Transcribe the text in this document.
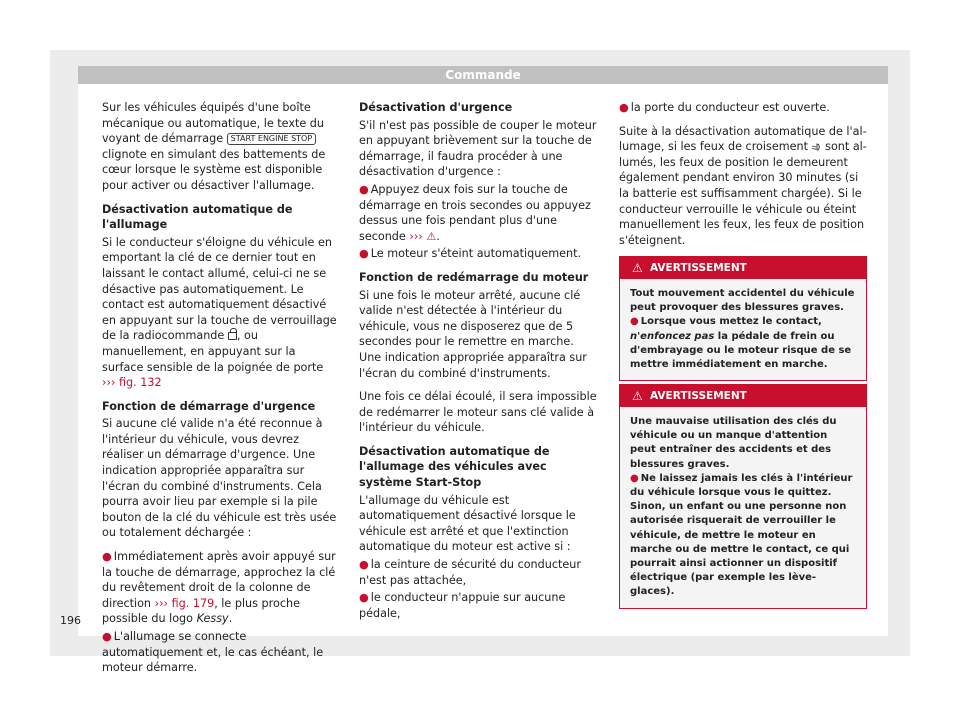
Commande

Sur les véhicules équipés d'une boîte mécanique ou automatique, le texte du voyant de démarrage START ENGINE STOP clignote en simulant des battements de cœur lorsque le système est disponible pour activer ou désactiver l'allumage.

Désactivation automatique de l'allumage

Si le conducteur s'éloigne du véhicule en emportant la clé de ce dernier tout en laissant le contact allumé, celui-ci ne se désactive pas automatiquement. Le contact est automatiquement désactivé en appuyant sur la touche de verrouillage de la radiocommande , ou manuellement, en appuyant sur la surface sensible de la poignée de porte ››› fig. 132

Fonction de démarrage d'urgence

Si aucune clé valide n'a été reconnue à l'intérieur du véhicule, vous devrez réaliser un démarrage d'urgence. Une indication appropriée apparaîtra sur l'écran du combiné d'instruments. Cela pourra avoir lieu par exemple si la pile bouton de la clé du véhicule est très usée ou totalement déchargée :

● Immédiatement après avoir appuyé sur la touche de démarrage, approchez la clé du revêtement droit de la colonne de direction ››› fig. 179, le plus proche possible du logo Kessy.
● L'allumage se connecte automatiquement et, le cas échéant, le moteur démarre.
Désactivation d'urgence

S'il n'est pas possible de couper le moteur en appuyant brièvement sur la touche de démarrage, il faudra procéder à une désactivation d'urgence :

● Appuyez deux fois sur la touche de démarrage en trois secondes ou appuyez dessus une fois pendant plus d'une seconde ››› ⚠.
● Le moteur s'éteint automatiquement.
Fonction de redémarrage du moteur

Si une fois le moteur arrêté, aucune clé valide n'est détectée à l'intérieur du véhicule, vous ne disposerez que de 5 secondes pour le remettre en marche. Une indication appropriée apparaîtra sur l'écran du combiné d'instruments.

Une fois ce délai écoulé, il sera impossible de redémarrer le moteur sans clé valide à l'intérieur du véhicule.

Désactivation automatique de l'allumage des véhicules avec système Start-Stop

L'allumage du véhicule est automatiquement désactivé lorsque le véhicule est arrêté et que l'extinction automatique du moteur est active si :

● la ceinture de sécurité du conducteur n'est pas attachée,
● le conducteur n'appuie sur aucune pédale,
● la porte du conducteur est ouverte.

Suite à la désactivation automatique de l'allumage, si les feux de croisement sont allumés, les feux de position le demeurent également pendant environ 30 minutes (si la batterie est suffisamment chargée). Si le conducteur verrouille le véhicule ou éteint manuellement les feux, les feux de position s'éteignent.

⚠ AVERTISSEMENT
Tout mouvement accidentel du véhicule peut provoquer des blessures graves.
● Lorsque vous mettez le contact, n'enfoncez pas la pédale de frein ou d'embrayage ou le moteur risque de se mettre immédiatement en marche.
⚠ AVERTISSEMENT
Une mauvaise utilisation des clés du véhicule ou un manque d'attention peut entraîner des accidents et des blessures graves.
● Ne laissez jamais les clés à l'intérieur du véhicule lorsque vous le quittez. Sinon, un enfant ou une personne non autorisée risquerait de verrouiller le véhicule, de mettre le moteur en marche ou de mettre le contact, ce qui pourrait ainsi actionner un dispositif électrique (par exemple les lève-glaces).
196
